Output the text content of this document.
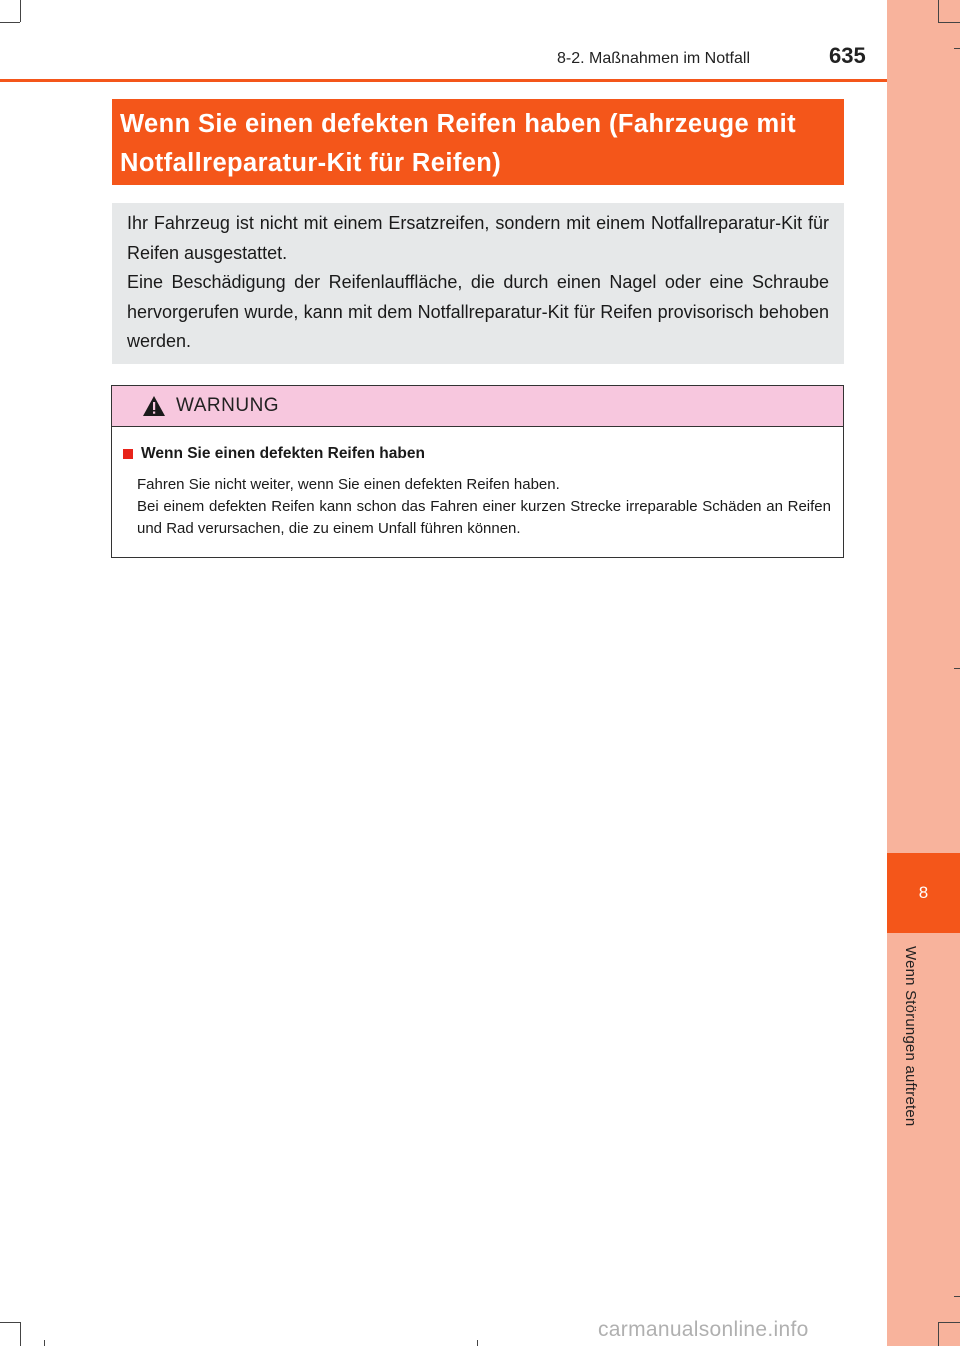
8
Wenn Störungen auftreten
8-2. Maßnahmen im Notfall	635
Wenn Sie einen defekten Reifen haben (Fahrzeuge mit
Notfallreparatur-Kit für Reifen)

Ihr Fahrzeug ist nicht mit einem Ersatzreifen, sondern mit einem Notfallreparatur-Kit für Reifen ausgestattet.

Eine Beschädigung der Reifenlauffläche, die durch einen Nagel oder eine Schraube hervorgerufen wurde, kann mit dem Notfallreparatur-Kit für Reifen provisorisch behoben werden.

WARNUNG
Wenn Sie einen defekten Reifen haben

Fahren Sie nicht weiter, wenn Sie einen defekten Reifen haben.

Bei einem defekten Reifen kann schon das Fahren einer kurzen Strecke irreparable Schäden an Reifen und Rad verursachen, die zu einem Unfall führen können.

carmanualsonline.info
